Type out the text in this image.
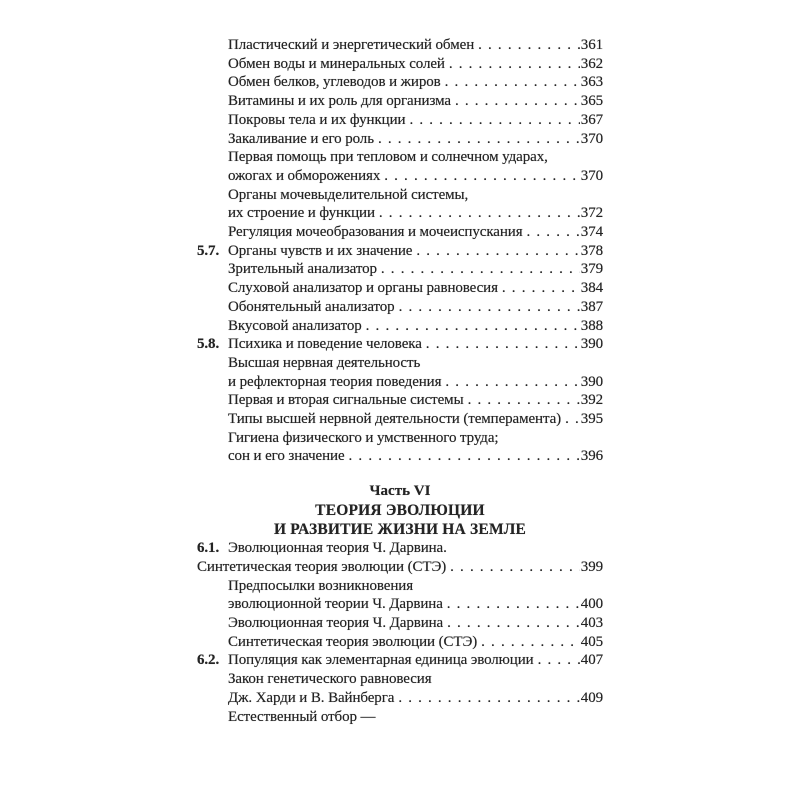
Пластический и энергетический обмен . . .	361
Обмен воды и минеральных солей . . .	362
Обмен белков, углеводов и жиров . . .	363
Витамины и их роль для организма . . .	365
Покровы тела и их функции . . .	367
Закаливание и его роль . . .	370
Первая помощь при тепловом и солнечном ударах,
ожогах и обморожениях . . .	370
Органы мочевыделительной системы,
их строение и функции . . .	372
Регуляция мочеобразования и мочеиспускания . . .	374
5.7. Органы чувств и их значение . . .	378
Зрительный анализатор . . .	379
Слуховой анализатор и органы равновесия . . .	384
Обонятельный анализатор . . .	387
Вкусовой анализатор . . .	388
5.8. Психика и поведение человека . . .	390
Высшая нервная деятельность
и рефлекторная теория поведения . . .	390
Первая и вторая сигнальные системы . . .	392
Типы высшей нервной деятельности (темперамента) . . . 395
Гигиена физического и умственного труда;
сон и его значение . . .	396
Часть VI
ТЕОРИЯ ЭВОЛЮЦИИ
И РАЗВИТИЕ ЖИЗНИ НА ЗЕМЛЕ
6.1. Эволюционная теория Ч. Дарвина.
Синтетическая теория эволюции (СТЭ) . . .	399
Предпосылки возникновения
эволюционной теории Ч. Дарвина . . .	400
Эволюционная теория Ч. Дарвина . . .	403
Синтетическая теория эволюции (СТЭ) . . .	405
6.2. Популяция как элементарная единица эволюции . . .	407
Закон генетического равновесия
Дж. Харди и В. Вайнберга . . .	409
Естественный отбор —
